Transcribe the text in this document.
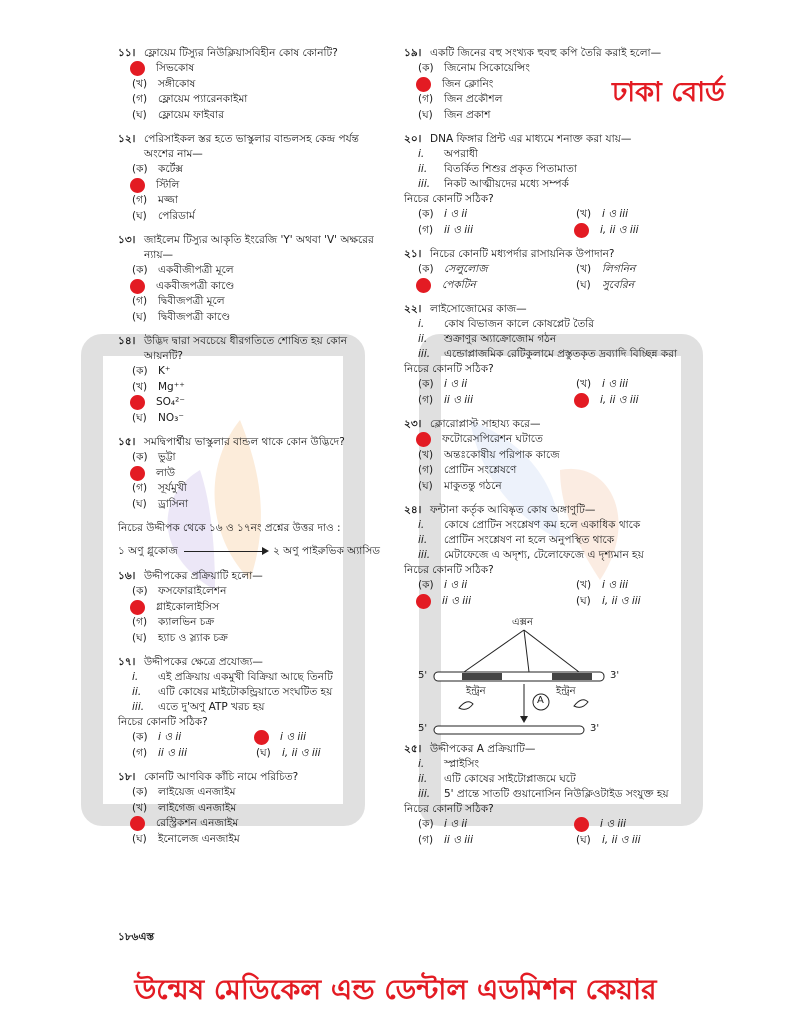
ঢাকা বোর্ড
১১। ফ্লোয়েম টিস্যুর নিউক্লিয়াসবিহীন কোষ কোনটি?
সিভকোষ
(খ)	সঙ্গীকোষ
(গ)	ফ্লোয়েম প্যারেনকাইমা
(ঘ)	ফ্লোয়েম ফাইবার
১২। পেরিসাইকল স্তর হতে ভাস্কুলার বান্ডলসহ কেন্দ্র পর্যন্ত অংশের নাম—
(ক) কর্টেক্স
স্টিলি
(গ)	মজ্জা
(ঘ)	পেরিডার্ম
১৩। জাইলেম টিস্যুর আকৃতি ইংরেজি 'Y' অথবা 'V' অক্ষরের ন্যায়—
(ক) একবীজীপত্রী মূলে
একবীজপত্রী কাণ্ডে
(গ)	দ্বিবীজপত্রী মূলে
(ঘ)	দ্বিবীজপত্রী কাণ্ডে
১৪। উদ্ভিদ দ্বারা সবচেয়ে ধীরগতিতে শোষিত হয় কোন আয়নটি?
(ক) K⁺
(খ)	Mg⁺⁺
SO₄²⁻
(ঘ)	NO₃⁻
১৫। সমদ্বিপার্শ্বীয় ভাস্কুলার বান্ডল থাকে কোন উদ্ভিদে?
(ক) ভুট্টা
লাউ
(গ)	সূর্যমুখী
(ঘ)	ড্রাসিনা
নিচের উদ্দীপক থেকে ১৬ ও ১৭নং প্রশ্নের উত্তর দাও :
১ অণু গ্লুকোজ	২ অণু পাইরুভিক অ্যাসিড
১৬। উদ্দীপকের প্রক্রিয়াটি হলো—
(ক) ফসফোরাইলেশন
গ্লাইকোলাইসিস
(গ)	ক্যালভিন চক্র
(ঘ)	হ্যাচ ও স্ল্যাক চক্র
১৭। উদ্দীপকের ক্ষেত্রে প্রযোজ্য—
i.	এই প্রক্রিয়ায় একমুখী বিক্রিয়া আছে তিনটি
ii.	এটি কোষের মাইটোকন্ড্রিয়াতে সংঘটিত হয়
iii.	এতে দু'অণু ATP খরচ হয়
নিচের কোনটি সঠিক?
(ক) i ও ii	i ও iii
(গ)	ii ও iii	(ঘ)	i, ii ও iii
১৮। কোনটি আণবিক কাঁচি নামে পরিচিত?
(ক) লাইয়েজ এনজাইম
(খ)	লাইগেজ এনজাইম
রেস্ট্রিকশন এনজাইম
(ঘ)	ইনোলেজ এনজাইম
১৯। একটি জিনের বহু সংখ্যক হুবহু কপি তৈরি করাই হলো—
(ক) জিনোম সিকোয়েন্সিং
জিন ক্লোনিং
(গ)	জিন প্রকৌশল
(ঘ)	জিন প্রকাশ
২০। DNA ফিঙ্গার প্রিন্ট এর মাধ্যমে শনাক্ত করা যায়—
i.	অপরাধী
ii.	বিতর্কিত শিশুর প্রকৃত পিতামাতা
iii.	নিকট আত্মীয়দের মধ্যে সম্পর্ক
নিচের কোনটি সঠিক?
(ক) i ও ii	(খ)	i ও iii
(গ)	ii ও iii	i, ii ও iii
২১। নিচের কোনটি মধ্যপর্দার রাসায়নিক উপাদান?
(ক) সেলুলোজ	(খ)	লিগনিন
পেকটিন	(ঘ)	সুবেরিন
২২। লাইসোজোমের কাজ—
i.	কোষ বিভাজন কালে কোষপ্লেট তৈরি
ii.	শুক্রাণুর অ্যাক্রোজোম গঠন
iii.	এন্ডোপ্লাজমিক রেটিকুলামে প্রস্তুতকৃত দ্রব্যাদি বিচ্ছিন্ন করা
নিচের কোনটি সঠিক?
(ক) i ও ii	(খ)	i ও iii
(গ)	ii ও iii	i, ii ও iii
২৩। ক্লোরোপ্লাস্ট সাহায্য করে—
ফটোরেসপিরেশন ঘটাতে
(খ)	অন্তঃকোষীয় পরিপাক কাজে
(গ)	প্রোটিন সংশ্লেষণে
(ঘ)	মাকুতন্তু গঠনে
২৪। ফন্টানা কর্তৃক আবিষ্কৃত কোষ অঙ্গাণুটি—
i.	কোষে প্রোটিন সংশ্লেষণ কম হলে একাধিক থাকে
ii.	প্রোটিন সংশ্লেষণ না হলে অনুপস্থিত থাকে
iii.	মেটাফেজে এ অদৃশ্য, টেলোফেজে এ দৃশ্যমান হয়
নিচের কোনটি সঠিক?
(ক) i ও ii	(খ)	i ও iii
ii ও iii	(ঘ)	i, ii ও iii
এক্সন
5'	3'
ইন্ট্রন	ইন্ট্রন
A
5'	3'
২৫। উদ্দীপকের A প্রক্রিয়াটি—
i.	স্প্লাইসিং
ii.	এটি কোষের সাইটোপ্লাজমে ঘটে
iii.	5' প্রান্তে সাতটি গুয়ানোসিন নিউক্লিওটাইড সংযুক্ত হয়
নিচের কোনটি সঠিক?
(ক) i ও ii	i ও iii
(গ)	ii ও iii	(ঘ)	i, ii ও iii
১৮৬এস্ত
উন্মেষ মেডিকেল এন্ড ডেন্টাল এডমিশন কেয়ার
